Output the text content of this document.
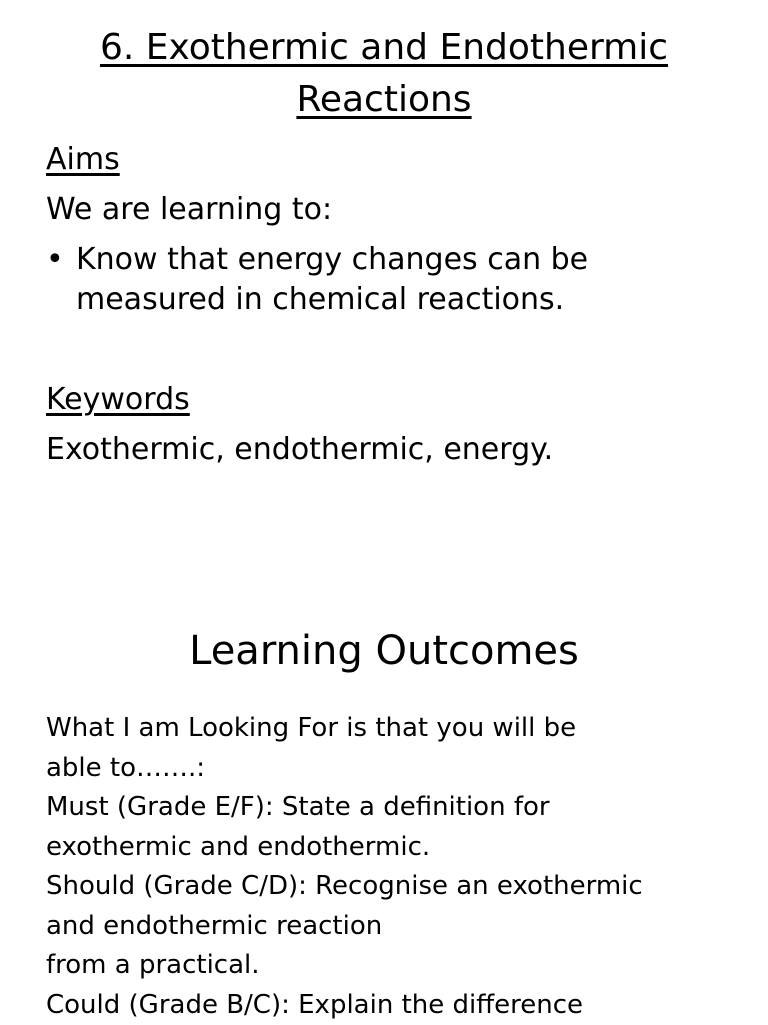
6. Exothermic and Endothermic
Reactions
Aims
We are learning to:
• Know that energy changes can be
measured in chemical reactions.
Keywords
Exothermic, endothermic, energy.
Learning Outcomes
What I am Looking For is that you will be
able to…….:
Must (Grade E/F): State a definition for
exothermic and endothermic.
Should (Grade C/D): Recognise an exothermic
and endothermic reaction
from a practical.
Could (Grade B/C): Explain the difference
